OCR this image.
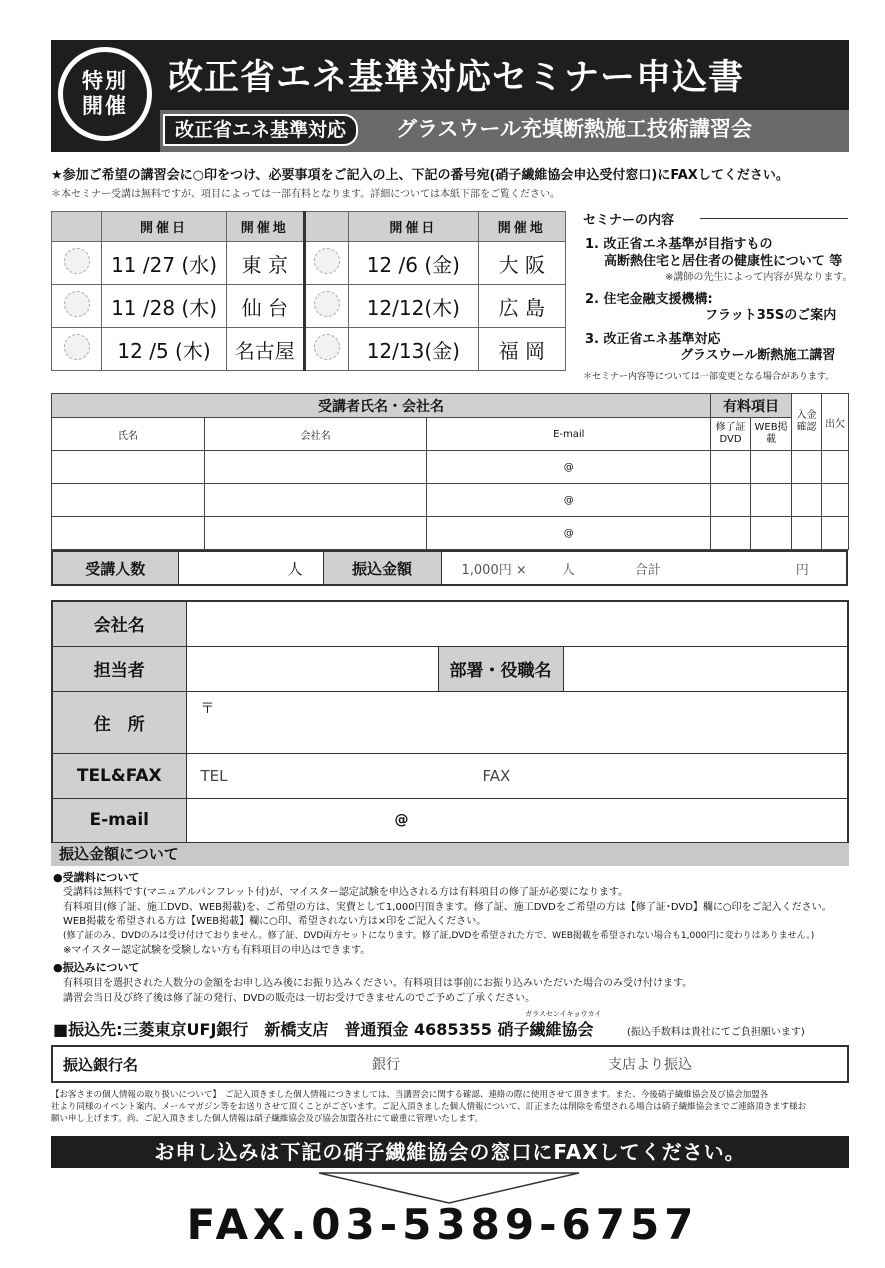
特別
開催
改正省エネ基準対応セミナー申込書
改正省エネ基準対応	グラスウール充填断熱施工技術講習会
★参加ご希望の講習会に○印をつけ、必要事項をご記入の上、下記の番号宛(硝子繊維協会申込受付窓口)にFAXしてください。
＊本セミナー受講は無料ですが、項目によっては一部有料となります。詳細については本紙下部をご覧ください。
	開催日	開催地		開催日	開催地
	11 /27 (水)	東 京		12 /6 (金)	大 阪
	11 /28 (木)	仙 台		12/12(木)	広 島
	12 /5 (木)	名古屋		12/13(金)	福 岡
セミナーの内容
1. 改正省エネ基準が目指すもの
高断熱住宅と居住者の健康性について 等
※講師の先生によって内容が異なります。
2. 住宅金融支援機構:
フラット35Sのご案内
3. 改正省エネ基準対応
グラスウール断熱施工講習
＊セミナー内容等については一部変更となる場合があります。
受講者氏名・会社名			有料項目		入金確認	出欠
氏名	会社名	E-mail	修了証DVD	WEB掲載		
		@				
		@				
		@				
受講人数	人	振込金額	1,000円 ×	人	合計	円
会社名			
担当者		部署・役職名	
住　所	〒		
TEL&FAX	TEL FAX		
E-mail	@		
振込金額について
●受講料について
受講料は無料です(マニュアルパンフレット付)が、マイスター認定試験を申込される方は有料項目の修了証が必要になります。
有料項目(修了証、施工DVD、WEB掲載)を、ご希望の方は、実費として1,000円頂きます。修了証、施工DVDをご希望の方は【修了証･DVD】欄に○印をご記入ください。
WEB掲載を希望される方は【WEB掲載】欄に○印、希望されない方は×印をご記入ください。
(修了証のみ、DVDのみは受け付けておりません。修了証、DVD両方セットになります。修了証,DVDを希望された方で、WEB掲載を希望されない場合も1,000円に変わりはありません。)
※マイスター認定試験を受験しない方も有料項目の申込はできます。
●振込みについて
有料項目を選択された人数分の金額をお申し込み後にお振り込みください。有料項目は事前にお振り込みいただいた場合のみ受け付けます。
講習会当日及び終了後は修了証の発行、DVDの販売は一切お受けできませんのでご予めご了承ください。
ガラスセンイキョウカイ
■振込先:三菱東京UFJ銀行　新橋支店　普通預金 4685355 硝子繊維協会	(振込手数料は貴社にてご負担願います)
振込銀行名	銀行	支店より振込
【お客さまの個人情報の取り扱いについて】　ご記入頂きました個人情報につきましては、当講習会に関する確認、連絡の際に使用させて頂きます。また、今後硝子繊維協会及び協会加盟各
社より同様のイベント案内、メールマガジン等をお送りさせて頂くことがございます。ご記入頂きました個人情報について、訂正または削除を希望される場合は硝子繊維協会までご連絡頂きます様お
願い申し上げます。尚、ご記入頂きました個人情報は硝子繊維協会及び協会加盟各社にて厳重に管理いたします。
お申し込みは下記の硝子繊維協会の窓口にFAXしてください。
FAX.03-5389-6757
